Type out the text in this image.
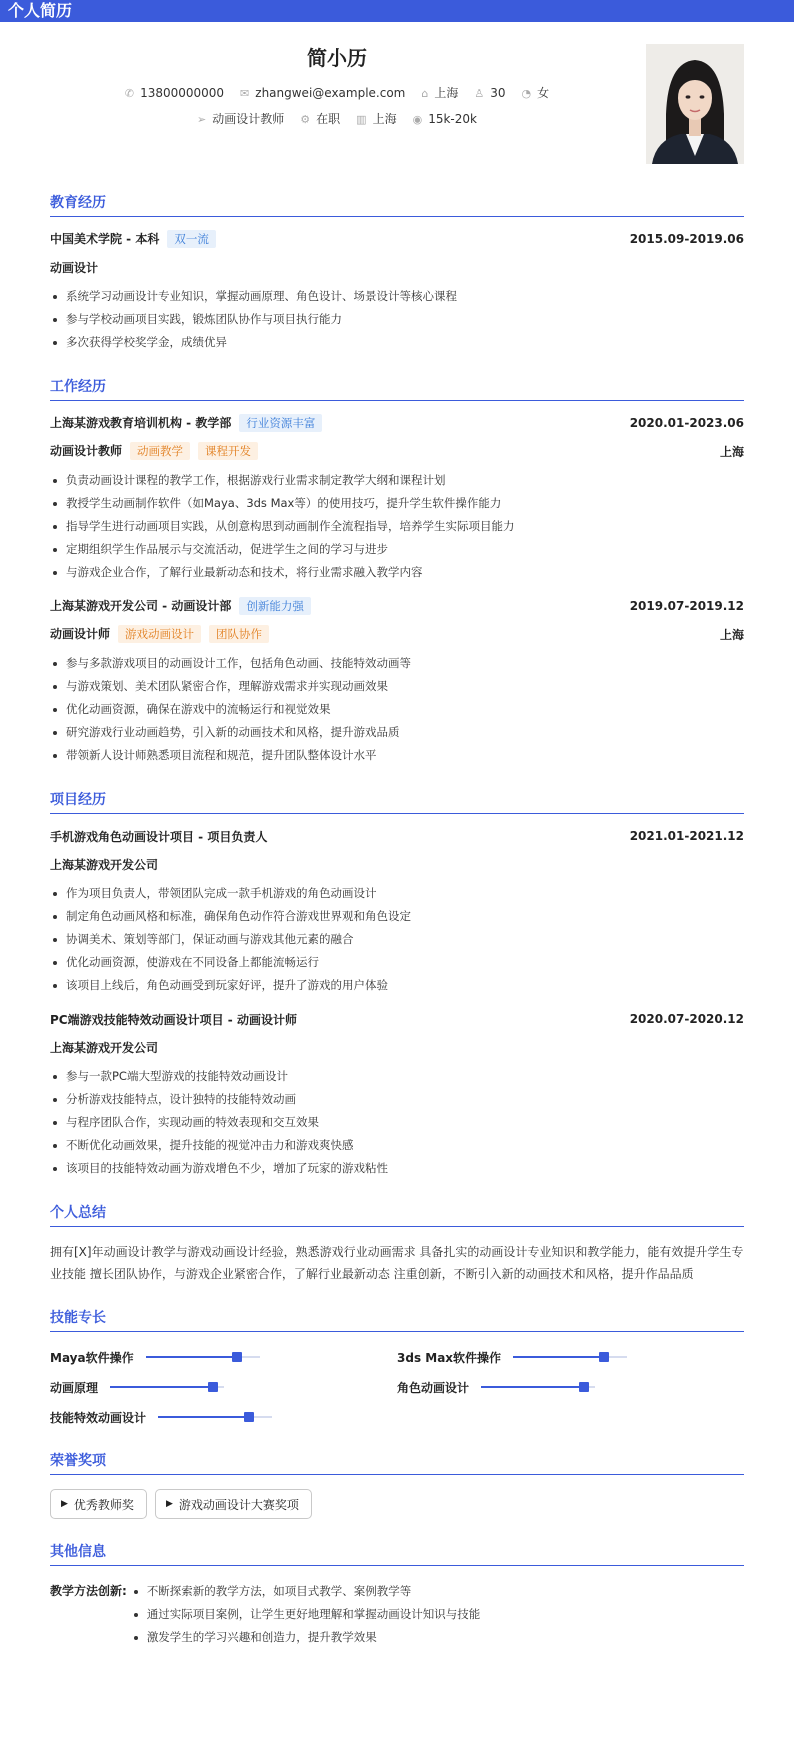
个人简历
简小历
✆ 13800000000 ✉ zhangwei@example.com ⌂ 上海 ♙ 30 ◔ 女
➢ 动画设计教师 ⚙ 在职 ▥ 上海 ◉ 15k-20k
教育经历
中国美术学院 - 本科 双一流	2015.09-2019.06
动画设计
系统学习动画设计专业知识，掌握动画原理、角色设计、场景设计等核心课程
参与学校动画项目实践，锻炼团队协作与项目执行能力
多次获得学校奖学金，成绩优异
工作经历
上海某游戏教育培训机构 - 教学部 行业资源丰富	2020.01-2023.06
动画设计教师 动画教学 课程开发	上海
负责动画设计课程的教学工作，根据游戏行业需求制定教学大纲和课程计划
教授学生动画制作软件（如Maya、3ds Max等）的使用技巧，提升学生软件操作能力
指导学生进行动画项目实践，从创意构思到动画制作全流程指导，培养学生实际项目能力
定期组织学生作品展示与交流活动，促进学生之间的学习与进步
与游戏企业合作，了解行业最新动态和技术，将行业需求融入教学内容
上海某游戏开发公司 - 动画设计部 创新能力强	2019.07-2019.12
动画设计师 游戏动画设计 团队协作	上海
参与多款游戏项目的动画设计工作，包括角色动画、技能特效动画等
与游戏策划、美术团队紧密合作，理解游戏需求并实现动画效果
优化动画资源，确保在游戏中的流畅运行和视觉效果
研究游戏行业动画趋势，引入新的动画技术和风格，提升游戏品质
带领新人设计师熟悉项目流程和规范，提升团队整体设计水平
项目经历
手机游戏角色动画设计项目 - 项目负责人	2021.01-2021.12
上海某游戏开发公司
作为项目负责人，带领团队完成一款手机游戏的角色动画设计
制定角色动画风格和标准，确保角色动作符合游戏世界观和角色设定
协调美术、策划等部门，保证动画与游戏其他元素的融合
优化动画资源，使游戏在不同设备上都能流畅运行
该项目上线后，角色动画受到玩家好评，提升了游戏的用户体验
PC端游戏技能特效动画设计项目 - 动画设计师	2020.07-2020.12
上海某游戏开发公司
参与一款PC端大型游戏的技能特效动画设计
分析游戏技能特点，设计独特的技能特效动画
与程序团队合作，实现动画的特效表现和交互效果
不断优化动画效果，提升技能的视觉冲击力和游戏爽快感
该项目的技能特效动画为游戏增色不少，增加了玩家的游戏粘性
个人总结
拥有[X]年动画设计教学与游戏动画设计经验，熟悉游戏行业动画需求 具备扎实的动画设计专业知识和教学能力，能有效提升学生专业技能 擅长团队协作，与游戏企业紧密合作，了解行业最新动态 注重创新，不断引入新的动画技术和风格，提升作品品质
技能专长
Maya软件操作	3ds Max软件操作
动画原理	角色动画设计
技能特效动画设计
荣誉奖项
▶ 优秀教师奖	▶ 游戏动画设计大赛奖项
其他信息
教学方法创新:	不断探索新的教学方法，如项目式教学、案例教学等
通过实际项目案例，让学生更好地理解和掌握动画设计知识与技能
激发学生的学习兴趣和创造力，提升教学效果
